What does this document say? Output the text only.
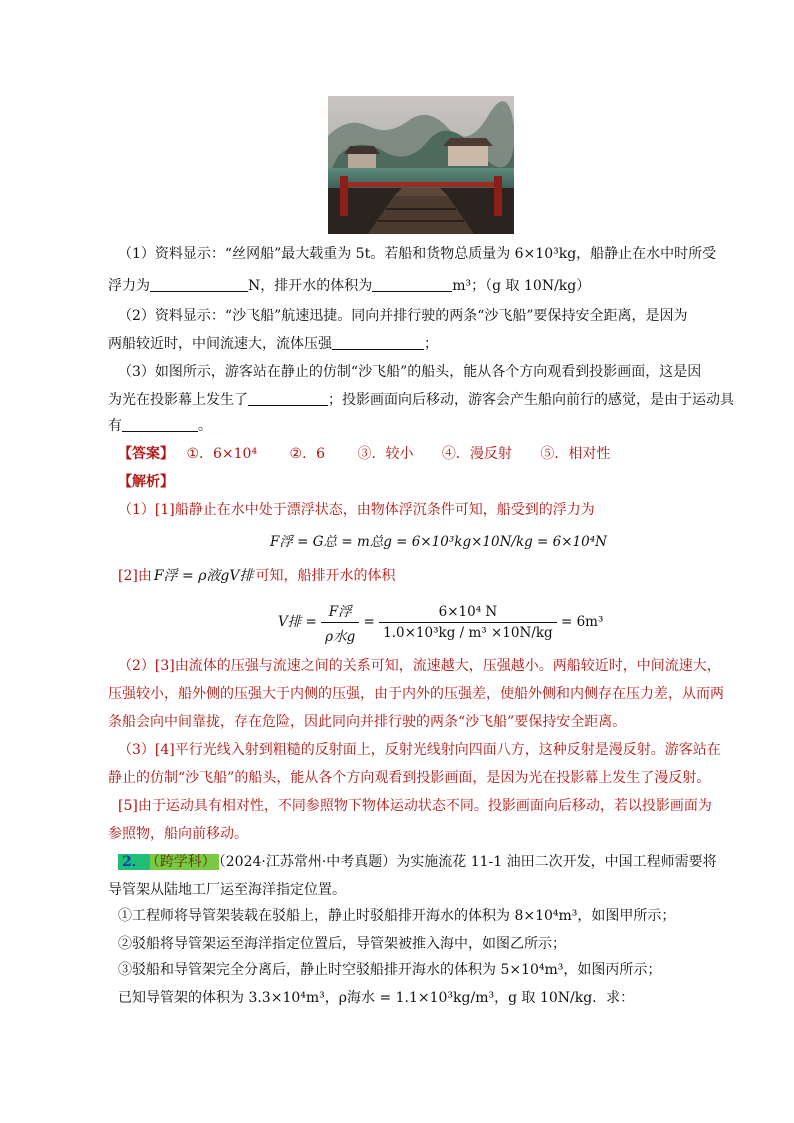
（1）资料显示：“丝网船”最大载重为 5t。若船和货物总质量为 6×10³kg，船静止在水中时所受
浮力为	N，排开水的体积为	m³；（g 取 10N/kg）
（2）资料显示：“沙飞船”航速迅捷。同向并排行驶的两条“沙飞船”要保持安全距离，是因为
两船较近时，中间流速大，流体压强	；
（3）如图所示，游客站在静止的仿制“沙飞船”的船头，能从各个方向观看到投影画面，这是因
为光在投影幕上发生了	；投影画面向后移动，游客会产生船向前行的感觉，是由于运动具
有	。
【答案】 ①．6×10⁴ ②．6 ③．较小 ④．漫反射 ⑤．相对性
【解析】
（1）[1]船静止在水中处于漂浮状态，由物体浮沉条件可知，船受到的浮力为
F浮 = G总 = m总g = 6×10³kg×10N/kg = 6×10⁴N
[2]由 F浮 = ρ液gV排 可知，船排开水的体积
V排 = $\frac{\text{F浮}}{\text{ρ水g}} = \frac{\text{6×10⁴ N}}{\text{1.0×10³kg / m³ ×10N/kg}} = 6m^3$
（2）[3]由流体的压强与流速之间的关系可知，流速越大，压强越小。两船较近时，中间流速大，
压强较小，船外侧的压强大于内侧的压强，由于内外的压强差，使船外侧和内侧存在压力差，从而两
条船会向中间靠拢，存在危险，因此同向并排行驶的两条“沙飞船”要保持安全距离。
（3）[4]平行光线入射到粗糙的反射面上，反射光线射向四面八方，这种反射是漫反射。游客站在
静止的仿制“沙飞船”的船头，能从各个方向观看到投影画面，是因为光在投影幕上发生了漫反射。
[5]由于运动具有相对性，不同参照物下物体运动状态不同。投影画面向后移动，若以投影画面为
参照物，船向前移动。
2． （跨学科） （2024·江苏常州·中考真题）为实施流花 11-1 油田二次开发，中国工程师需要将
导管架从陆地工厂运至海洋指定位置。
①工程师将导管架装载在驳船上，静止时驳船排开海水的体积为 8×10⁴m³，如图甲所示；
②驳船将导管架运至海洋指定位置后，导管架被推入海中，如图乙所示；
③驳船和导管架完全分离后，静止时空驳船排开海水的体积为 5×10⁴m³，如图丙所示；
已知导管架的体积为 3.3×10⁴m³，ρ海水 = 1.1×10³kg/m³，g 取 10N/kg．求：
